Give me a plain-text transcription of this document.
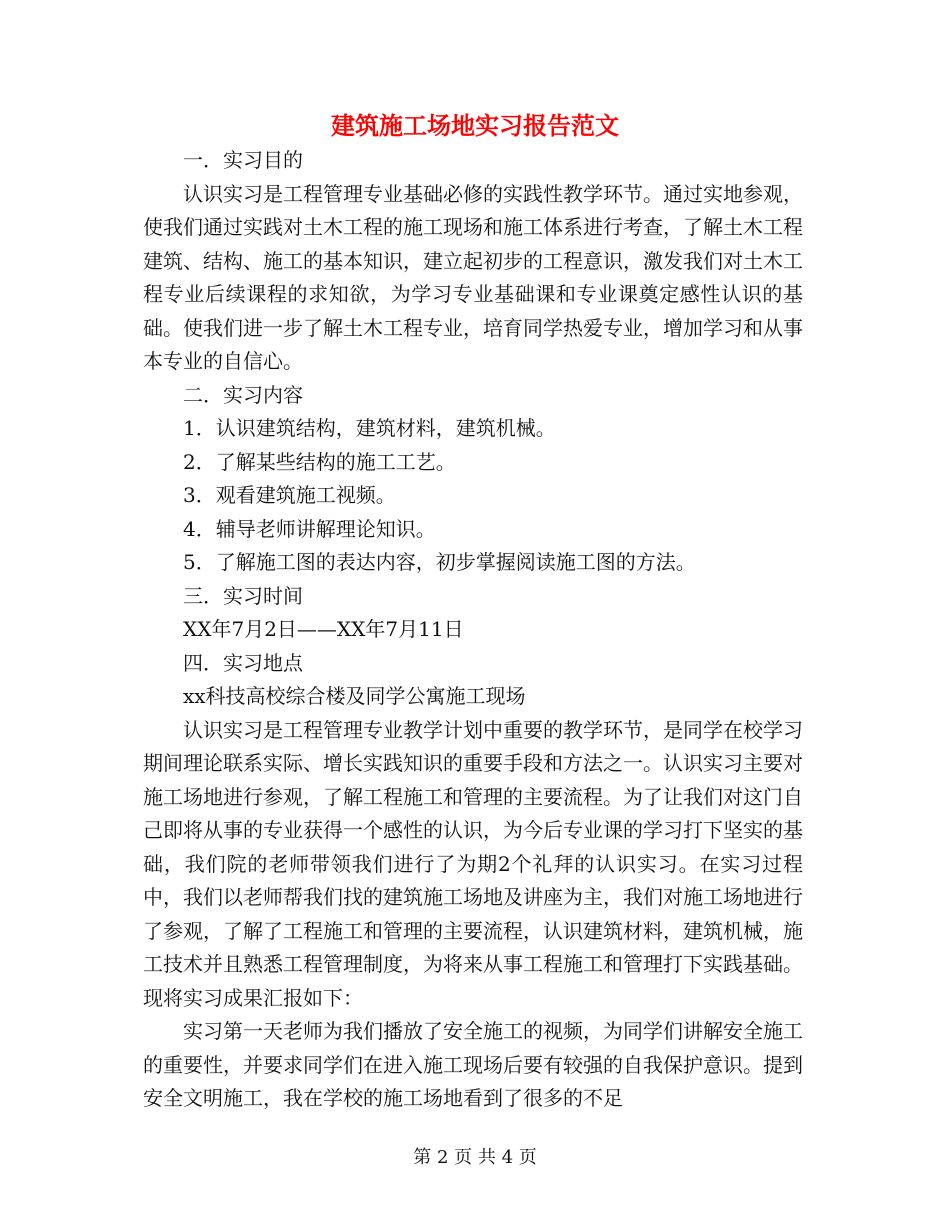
建筑施工场地实习报告范文

一．实习目的

认识实习是工程管理专业基础必修的实践性教学环节。通过实地参观，使我们通过实践对土木工程的施工现场和施工体系进行考查，了解土木工程建筑、结构、施工的基本知识，建立起初步的工程意识，激发我们对土木工程专业后续课程的求知欲，为学习专业基础课和专业课奠定感性认识的基础。使我们进一步了解土木工程专业，培育同学热爱专业，增加学习和从事本专业的自信心。

二．实习内容

1．认识建筑结构，建筑材料，建筑机械。

2．了解某些结构的施工工艺。

3．观看建筑施工视频。

4．辅导老师讲解理论知识。

5．了解施工图的表达内容，初步掌握阅读施工图的方法。

三．实习时间

XX年7月2日——XX年7月11日

四．实习地点

xx科技高校综合楼及同学公寓施工现场

认识实习是工程管理专业教学计划中重要的教学环节，是同学在校学习期间理论联系实际、增长实践知识的重要手段和方法之一。认识实习主要对施工场地进行参观，了解工程施工和管理的主要流程。为了让我们对这门自己即将从事的专业获得一个感性的认识，为今后专业课的学习打下坚实的基础，我们院的老师带领我们进行了为期2个礼拜的认识实习。在实习过程中，我们以老师帮我们找的建筑施工场地及讲座为主，我们对施工场地进行了参观，了解了工程施工和管理的主要流程，认识建筑材料，建筑机械，施工技术并且熟悉工程管理制度，为将来从事工程施工和管理打下实践基础。现将实习成果汇报如下：

实习第一天老师为我们播放了安全施工的视频，为同学们讲解安全施工的重要性，并要求同学们在进入施工现场后要有较强的自我保护意识。提到安全文明施工，我在学校的施工场地看到了很多的不足

第 2 页 共 4 页
